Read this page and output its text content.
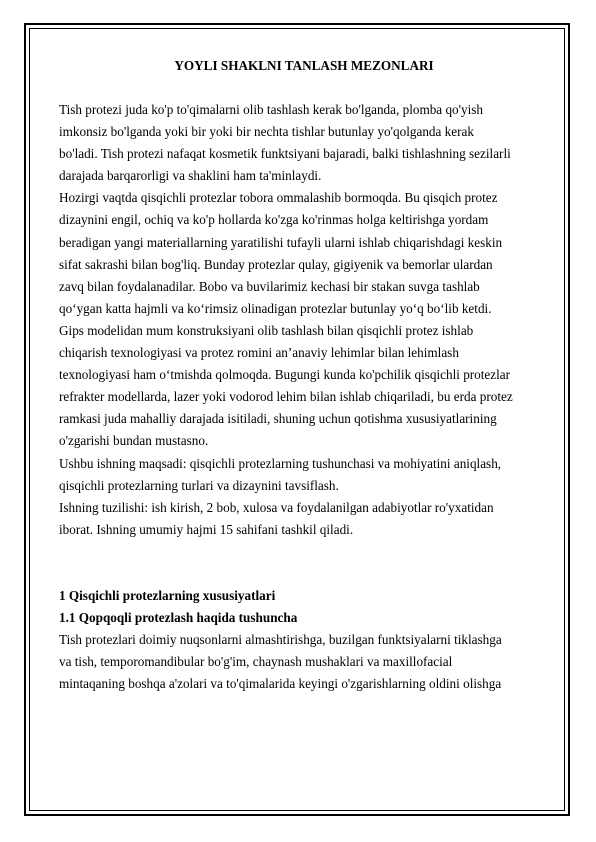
YOYLI SHAKLNI TANLASH MEZONLARI

Tish protezi juda ko'p to'qimalarni olib tashlash kerak bo'lganda, plomba qo'yish
imkonsiz bo'lganda yoki bir yoki bir nechta tishlar butunlay yo'qolganda kerak
bo'ladi. Tish protezi nafaqat kosmetik funktsiyani bajaradi, balki tishlashning sezilarli
darajada barqarorligi va shaklini ham ta'minlaydi.

Hozirgi vaqtda qisqichli protezlar tobora ommalashib bormoqda. Bu qisqich protez
dizaynini engil, ochiq va ko'p hollarda ko'zga ko'rinmas holga keltirishga yordam
beradigan yangi materiallarning yaratilishi tufayli ularni ishlab chiqarishdagi keskin
sifat sakrashi bilan bog'liq. Bunday protezlar qulay, gigiyenik va bemorlar ulardan
zavq bilan foydalanadilar. Bobo va buvilarimiz kechasi bir stakan suvga tashlab
qo‘ygan katta hajmli va ko‘rimsiz olinadigan protezlar butunlay yo‘q bo‘lib ketdi.
Gips modelidan mum konstruksiyani olib tashlash bilan qisqichli protez ishlab
chiqarish texnologiyasi va protez romini an’anaviy lehimlar bilan lehimlash
texnologiyasi ham o‘tmishda qolmoqda. Bugungi kunda ko'pchilik qisqichli protezlar
refrakter modellarda, lazer yoki vodorod lehim bilan ishlab chiqariladi, bu erda protez
ramkasi juda mahalliy darajada isitiladi, shuning uchun qotishma xususiyatlarining
o'zgarishi bundan mustasno.

Ushbu ishning maqsadi: qisqichli protezlarning tushunchasi va mohiyatini aniqlash,
qisqichli protezlarning turlari va dizaynini tavsiflash.

Ishning tuzilishi: ish kirish, 2 bob, xulosa va foydalanilgan adabiyotlar ro'yxatidan
iborat. Ishning umumiy hajmi 15 sahifani tashkil qiladi.

1 Qisqichli protezlarning xususiyatlari

1.1 Qopqoqli protezlash haqida tushuncha

Tish protezlari doimiy nuqsonlarni almashtirishga, buzilgan funktsiyalarni tiklashga
va tish, temporomandibular bo'g'im, chaynash mushaklari va maxillofacial
mintaqaning boshqa a'zolari va to'qimalarida keyingi o'zgarishlarning oldini olishga
